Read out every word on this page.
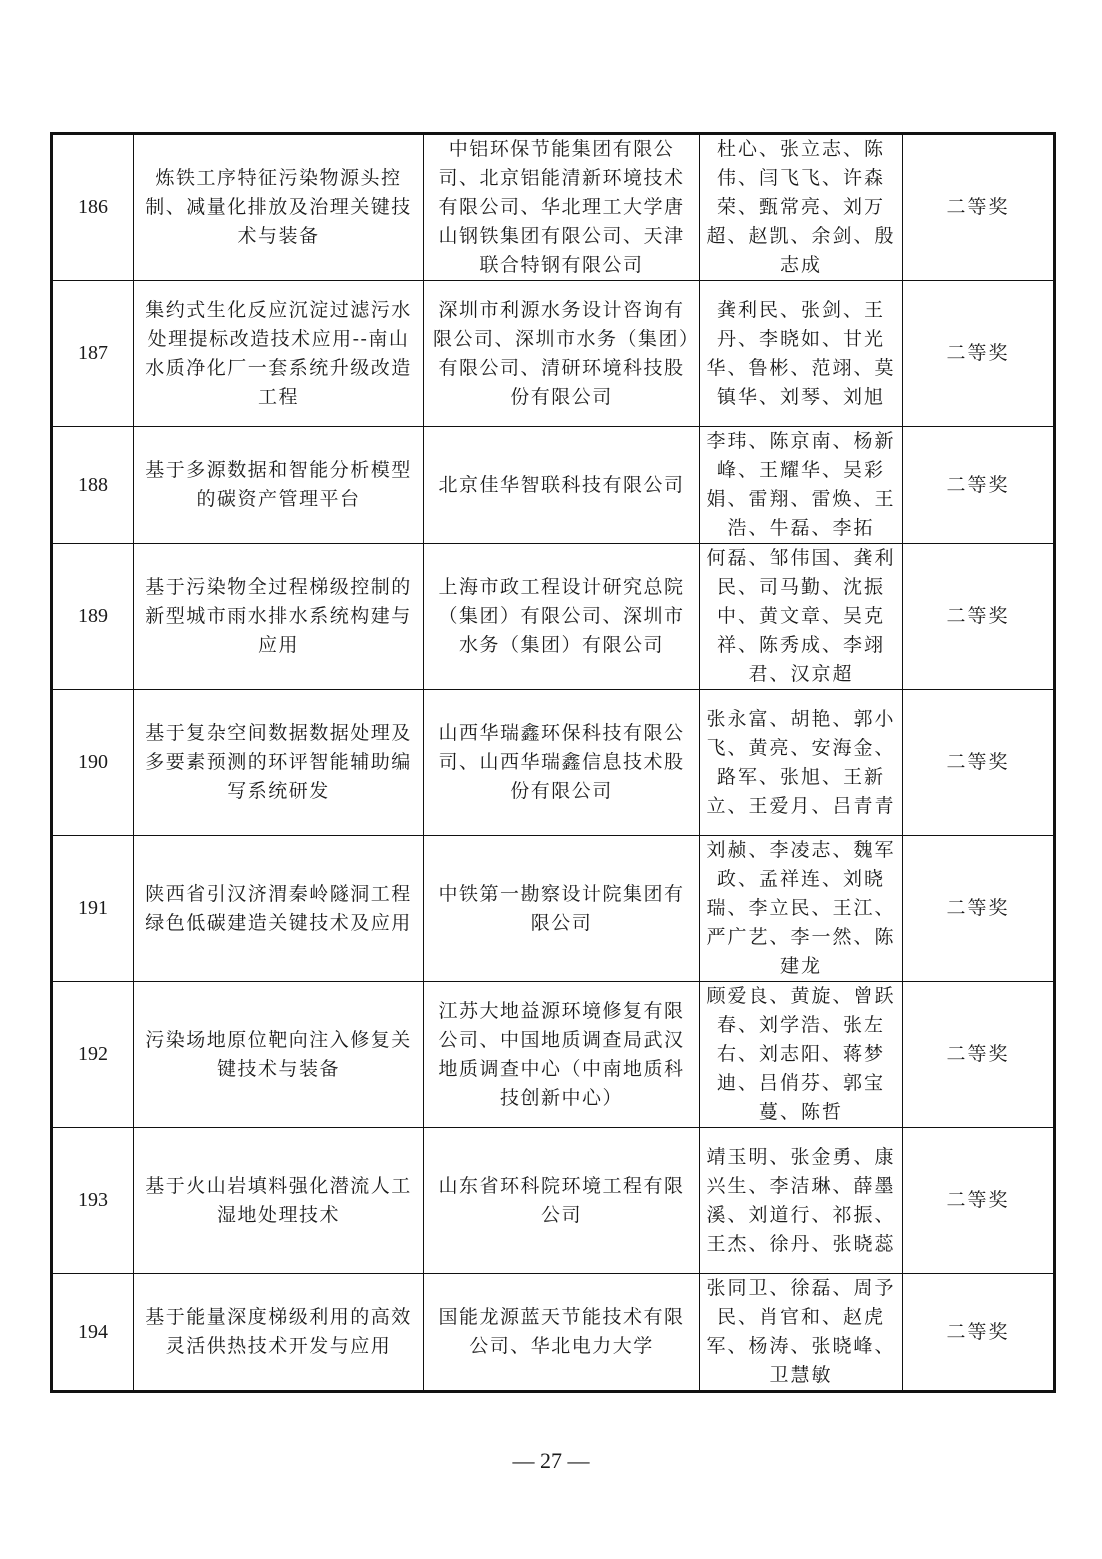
186	炼铁工序特征污染物源头控制、减量化排放及治理关键技术与装备	中铝环保节能集团有限公司、北京铝能清新环境技术有限公司、华北理工大学唐山钢铁集团有限公司、天津联合特钢有限公司	杜心、张立志、陈伟、闫飞飞、许森荣、甄常亮、刘万超、赵凯、余剑、殷志成	二等奖
187	集约式生化反应沉淀过滤污水处理提标改造技术应用--南山水质净化厂一套系统升级改造工程	深圳市利源水务设计咨询有限公司、深圳市水务（集团）有限公司、清研环境科技股份有限公司	龚利民、张剑、王丹、李晓如、甘光华、鲁彬、范翊、莫镇华、刘琴、刘旭	二等奖
188	基于多源数据和智能分析模型的碳资产管理平台	北京佳华智联科技有限公司	李玮、陈京南、杨新峰、王耀华、吴彩娟、雷翔、雷焕、王浩、牛磊、李拓	二等奖
189	基于污染物全过程梯级控制的新型城市雨水排水系统构建与应用	上海市政工程设计研究总院（集团）有限公司、深圳市水务（集团）有限公司	何磊、邹伟国、龚利民、司马勤、沈振中、黄文章、吴克祥、陈秀成、李翊君、汉京超	二等奖
190	基于复杂空间数据数据处理及多要素预测的环评智能辅助编写系统研发	山西华瑞鑫环保科技有限公司、山西华瑞鑫信息技术股份有限公司	张永富、胡艳、郭小飞、黄亮、安海金、路军、张旭、王新立、王爱月、吕青青	二等奖
191	陕西省引汉济渭秦岭隧洞工程绿色低碳建造关键技术及应用	中铁第一勘察设计院集团有限公司	刘赪、李凌志、魏军政、孟祥连、刘晓瑞、李立民、王江、严广艺、李一然、陈建龙	二等奖
192	污染场地原位靶向注入修复关键技术与装备	江苏大地益源环境修复有限公司、中国地质调查局武汉地质调查中心（中南地质科技创新中心）	顾爱良、黄旋、曾跃春、刘学浩、张左右、刘志阳、蒋梦迪、吕俏芬、郭宝蔓、陈哲	二等奖
193	基于火山岩填料强化潜流人工湿地处理技术	山东省环科院环境工程有限公司	靖玉明、张金勇、康兴生、李洁琳、薛墨溪、刘道行、祁振、王杰、徐丹、张晓蕊	二等奖
194	基于能量深度梯级利用的高效灵活供热技术开发与应用	国能龙源蓝天节能技术有限公司、华北电力大学	张同卫、徐磊、周予民、肖官和、赵虎军、杨涛、张晓峰、卫慧敏	二等奖
— 27 —
